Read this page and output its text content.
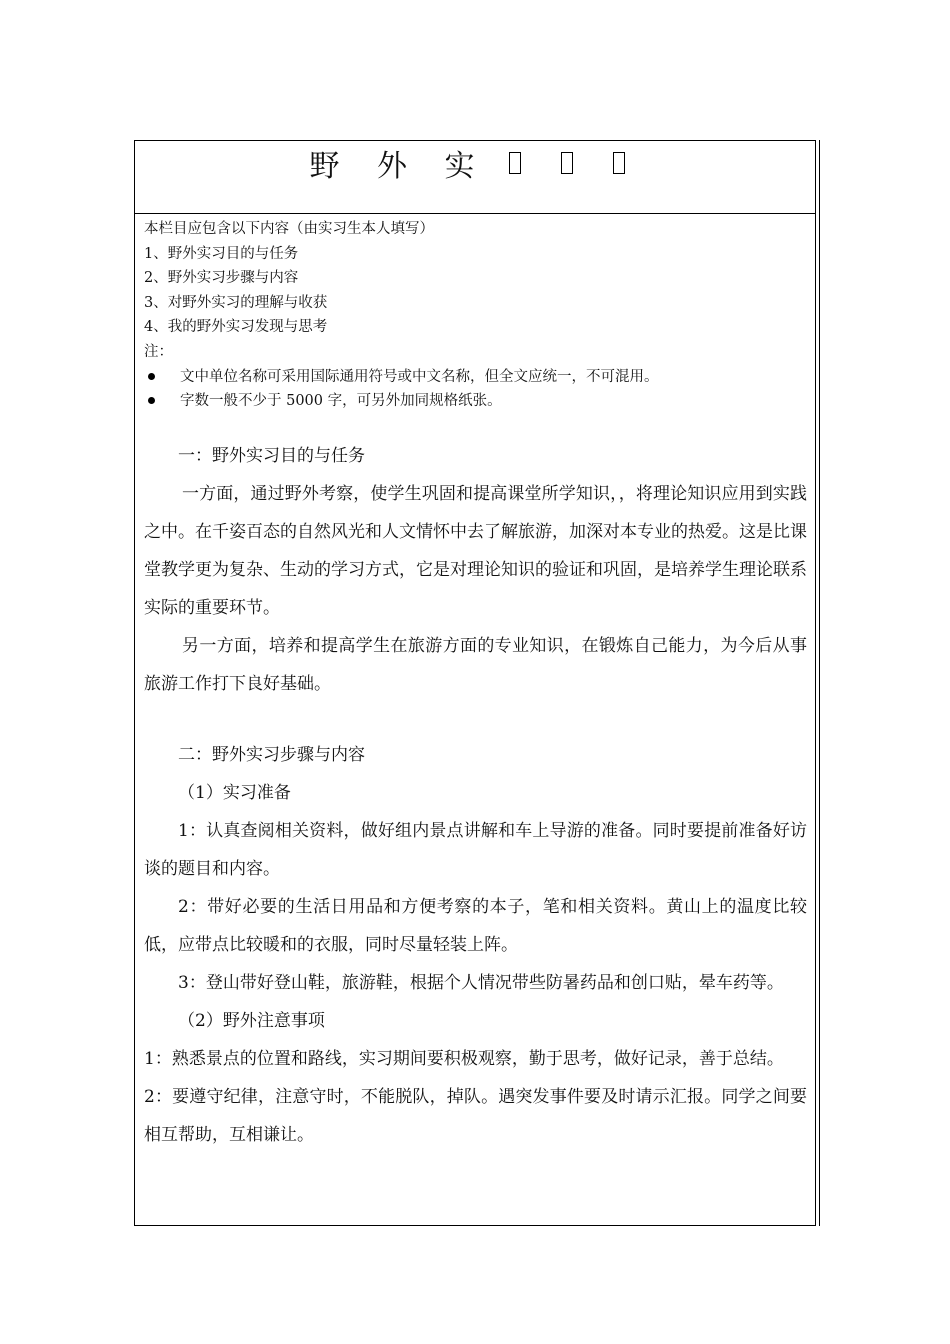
野 外 实

本栏目应包含以下内容（由实习生本人填写）

1、野外实习目的与任务

2、野外实习步骤与内容

3、对野外实习的理解与收获

4、我的野外实习发现与思考

注：

文中单位名称可采用国际通用符号或中文名称，但全文应统一，不可混用。

字数一般不少于 5000 字，可另外加同规格纸张。

一：野外实习目的与任务

一方面，通过野外考察，使学生巩固和提高课堂所学知识，，将理论知识应用到实践之中。在千姿百态的自然风光和人文情怀中去了解旅游，加深对本专业的热爱。这是比课堂教学更为复杂、生动的学习方式，它是对理论知识的验证和巩固，是培养学生理论联系实际的重要环节。

另一方面，培养和提高学生在旅游方面的专业知识，在锻炼自己能力，为今后从事旅游工作打下良好基础。

二：野外实习步骤与内容

（1）实习准备

1：认真查阅相关资料，做好组内景点讲解和车上导游的准备。同时要提前准备好访谈的题目和内容。

2：带好必要的生活日用品和方便考察的本子，笔和相关资料。黄山上的温度比较低，应带点比较暖和的衣服，同时尽量轻装上阵。

3：登山带好登山鞋，旅游鞋，根据个人情况带些防暑药品和创口贴，晕车药等。

（2）野外注意事项

1：熟悉景点的位置和路线，实习期间要积极观察，勤于思考，做好记录，善于总结。

2：要遵守纪律，注意守时，不能脱队，掉队。遇突发事件要及时请示汇报。同学之间要相互帮助，互相谦让。
